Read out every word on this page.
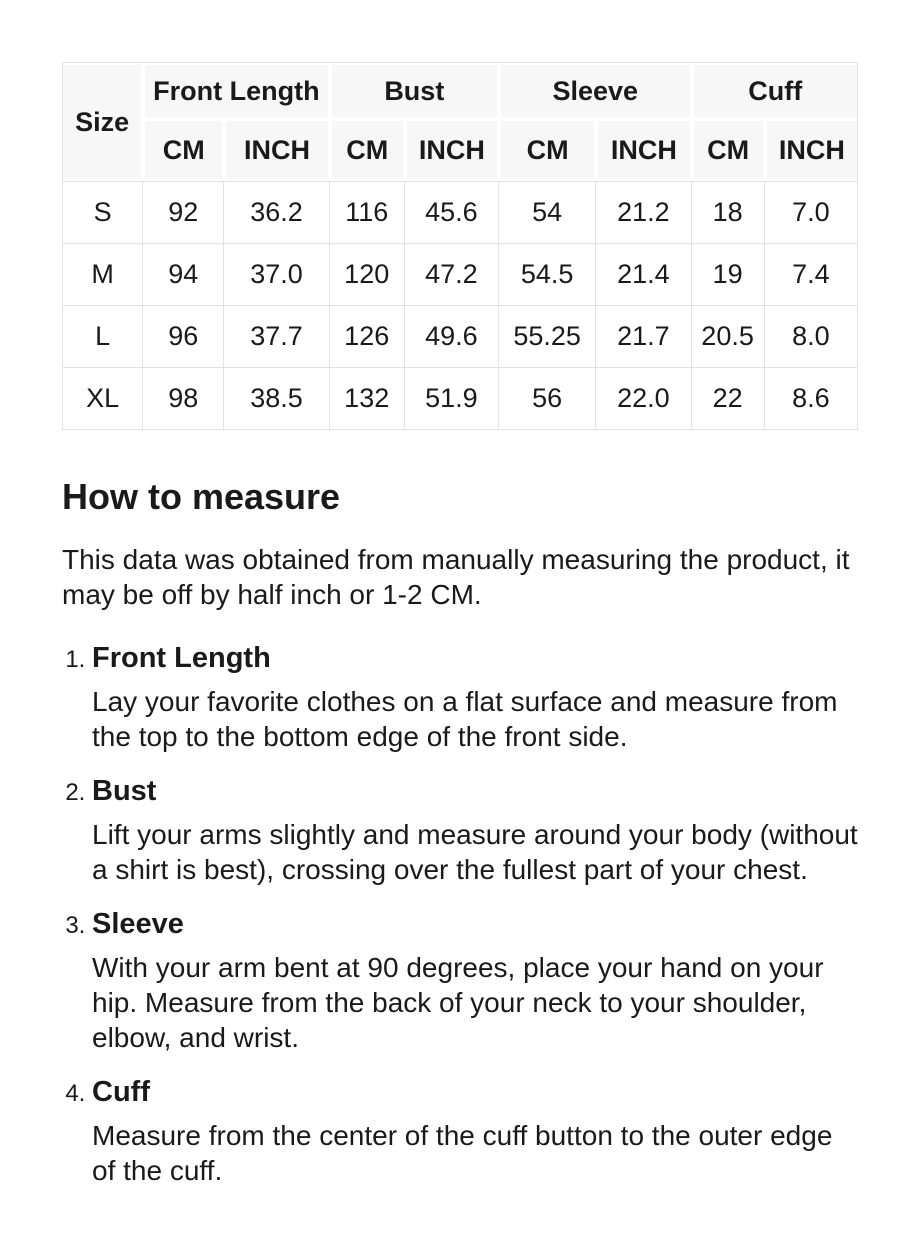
Size	Front Length		Bust		Sleeve		Cuff	
	CM	INCH	CM	INCH	CM	INCH	CM	INCH
S	92	36.2	116	45.6	54	21.2	18	7.0
M	94	37.0	120	47.2	54.5	21.4	19	7.4
L	96	37.7	126	49.6	55.25	21.7	20.5	8.0
XL	98	38.5	132	51.9	56	22.0	22	8.6
How to measure

This data was obtained from manually measuring the product, it may be off by half inch or 1-2 CM.

1. Front Length

Lay your favorite clothes on a flat surface and measure from the top to the bottom edge of the front side.

2. Bust

Lift your arms slightly and measure around your body (without a shirt is best), crossing over the fullest part of your chest.

3. Sleeve

With your arm bent at 90 degrees, place your hand on your hip. Measure from the back of your neck to your shoulder, elbow, and wrist.

4. Cuff

Measure from the center of the cuff button to the outer edge of the cuff.
